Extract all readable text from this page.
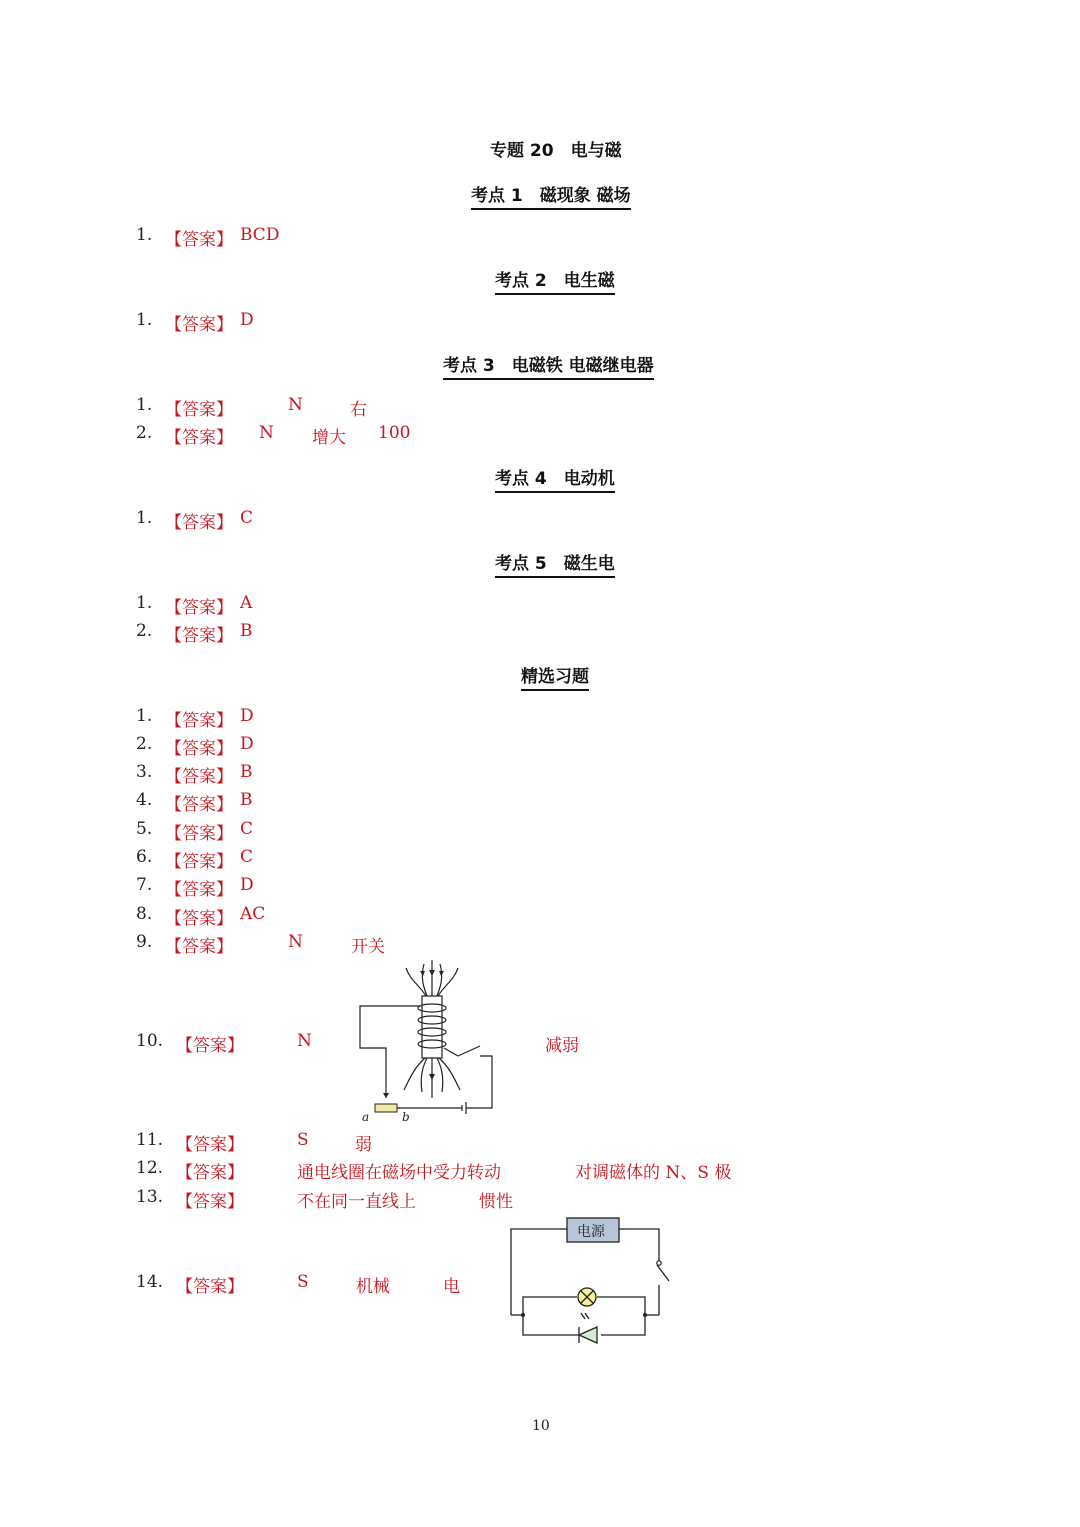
专题 20　电与磁
考点 1　磁现象 磁场
1. 【答案】 BCD
考点 2　电生磁
1. 【答案】 D
考点 3　电磁铁 电磁继电器
1. 【答案】	N	右
2. 【答案】 N 增大 100
考点 4　电动机
1. 【答案】 C
考点 5　磁生电
1. 【答案】 A
2. 【答案】 B
精选习题
1. 【答案】 D
2. 【答案】 D
3. 【答案】 B
4. 【答案】 B
5. 【答案】 C
6. 【答案】 C
7. 【答案】 D
8. 【答案】 AC
9. 【答案】	N	开关
10. 【答案】	N	减弱
a	b
11. 【答案】	S	弱
12. 【答案】	通电线圈在磁场中受力转动	对调磁体的 N、S 极
13. 【答案】	不在同一直线上	惯性
14. 【答案】	S	机械	电
电源
10
